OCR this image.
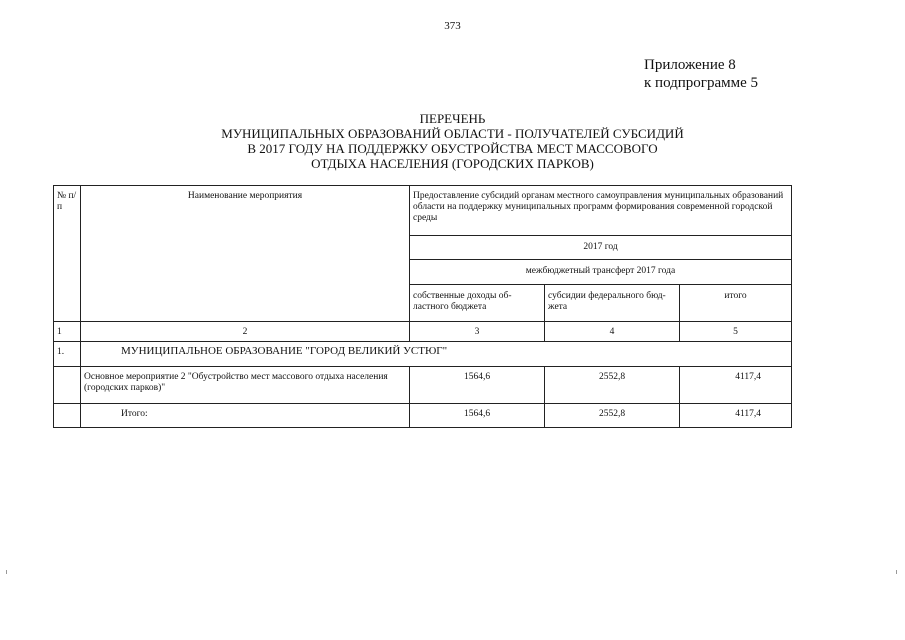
373
Приложение 8
к подпрограмме 5
ПЕРЕЧЕНЬ
МУНИЦИПАЛЬНЫХ ОБРАЗОВАНИЙ ОБЛАСТИ - ПОЛУЧАТЕЛЕЙ СУБСИДИЙ
В 2017 ГОДУ НА ПОДДЕРЖКУ ОБУСТРОЙСТВА МЕСТ МАССОВОГО
ОТДЫХА НАСЕЛЕНИЯ (ГОРОДСКИХ ПАРКОВ)
№ п/п	Наименование мероприятия	Предоставление субсидий органам местного самоуправления муниципальных образований области на поддержку муниципальных программ формирования современной городской среды		
		2017 год		
		межбюджетный трансферт 2017 года		
		собственные доходы об-ластного бюджета	субсидии федерального бюд-жета	итого
1	2	3	4	5
1.	МУНИЦИПАЛЬНОЕ ОБРАЗОВАНИЕ "ГОРОД ВЕЛИКИЙ УСТЮГ"			
	Основное мероприятие 2 "Обустройство мест массового отдыха населения (городских парков)"	1564,6	2552,8	4117,4
	Итого:	1564,6	2552,8	4117,4
